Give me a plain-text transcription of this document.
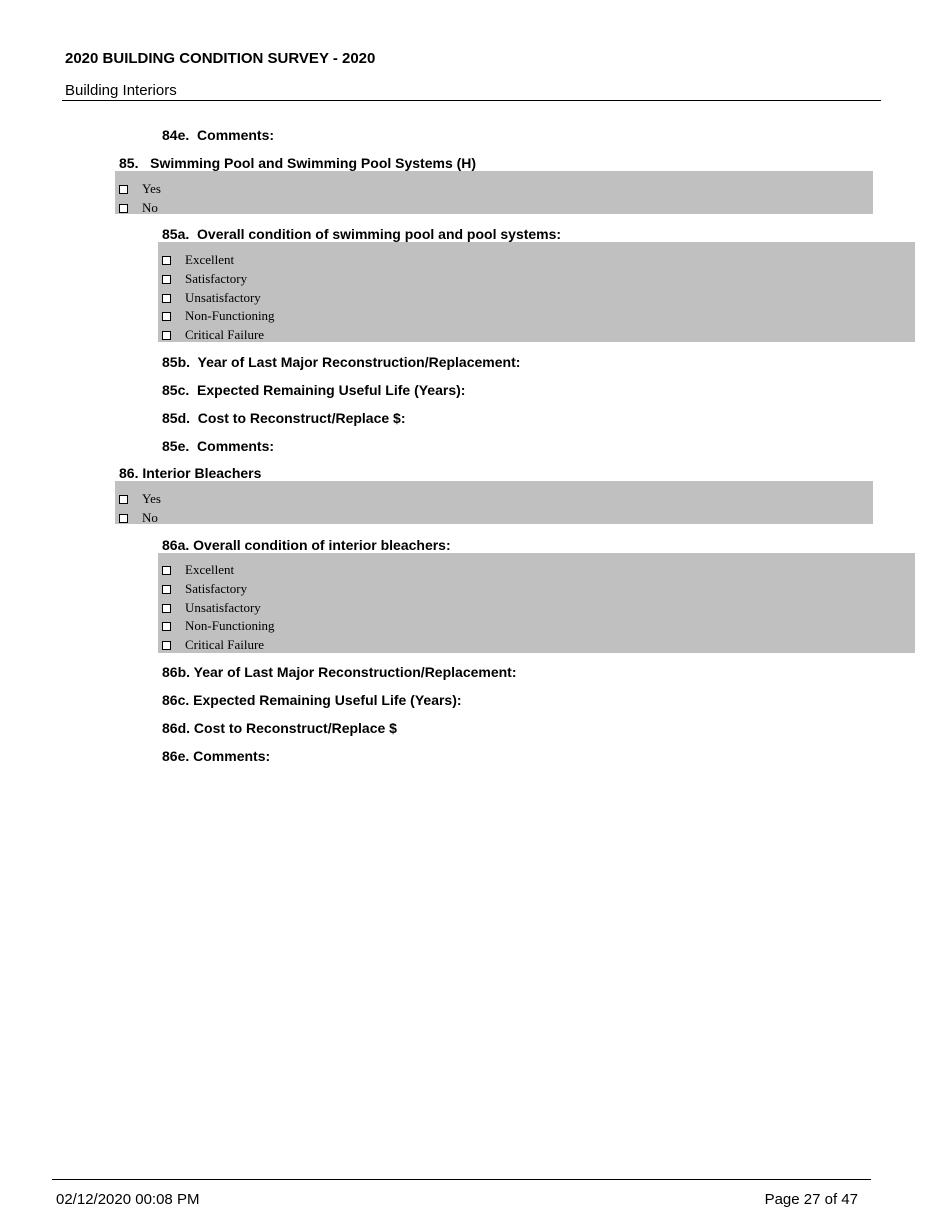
2020 BUILDING CONDITION SURVEY - 2020
Building Interiors
84e.  Comments:
85.   Swimming Pool and Swimming Pool Systems (H)
Yes
No
85a.  Overall condition of swimming pool and pool systems:
Excellent
Satisfactory
Unsatisfactory
Non-Functioning
Critical Failure
85b.  Year of Last Major Reconstruction/Replacement:
85c.  Expected Remaining Useful Life (Years):
85d.  Cost to Reconstruct/Replace $:
85e.  Comments:
86. Interior Bleachers
Yes
No
86a. Overall condition of interior bleachers:
Excellent
Satisfactory
Unsatisfactory
Non-Functioning
Critical Failure
86b. Year of Last Major Reconstruction/Replacement:
86c. Expected Remaining Useful Life (Years):
86d. Cost to Reconstruct/Replace $
86e. Comments:
02/12/2020 00:08 PM	Page 27 of 47
